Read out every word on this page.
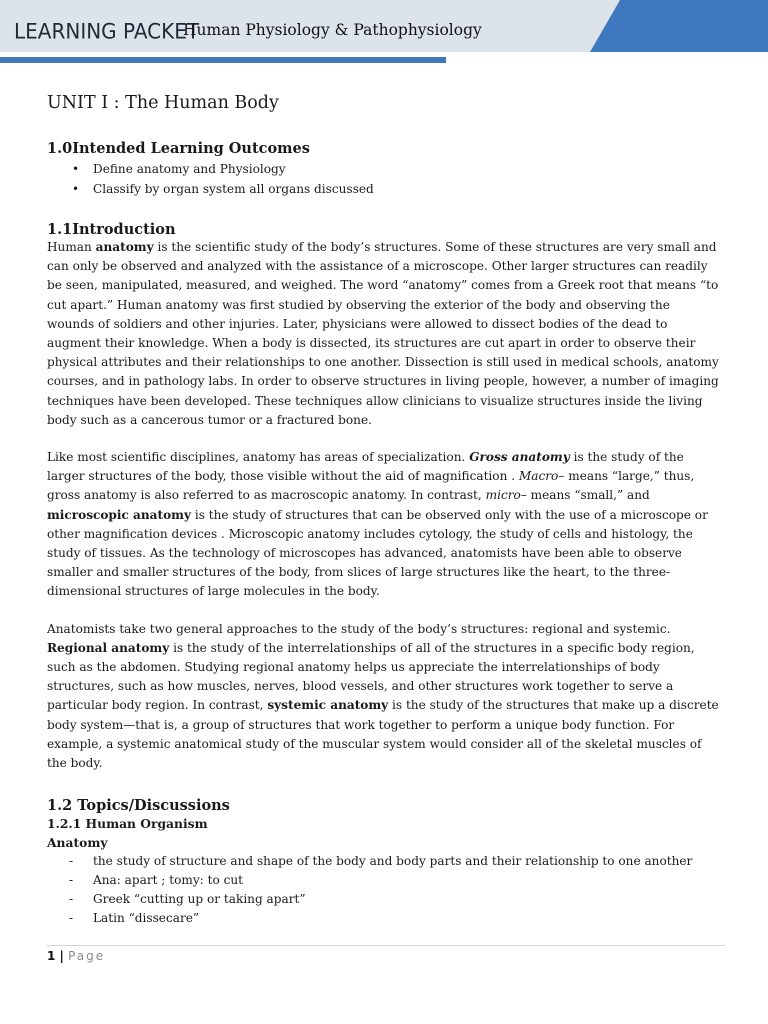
LEARNING PACKET
Human Physiology & Pathophysiology
UNIT I : The Human Body
1.0Intended Learning Outcomes
• Define anatomy and Physiology
• Classify by organ system all organs discussed
1.1Introduction

Human anatomy is the scientific study of the body’s structures. Some of these structures are very small and can only be observed and analyzed with the assistance of a microscope. Other larger structures can readily be seen, manipulated, measured, and weighed. The word “anatomy” comes from a Greek root that means “to cut apart.” Human anatomy was first studied by observing the exterior of the body and observing the wounds of soldiers and other injuries. Later, physicians were allowed to dissect bodies of the dead to augment their knowledge. When a body is dissected, its structures are cut apart in order to observe their physical attributes and their relationships to one another. Dissection is still used in medical schools, anatomy courses, and in pathology labs. In order to observe structures in living people, however, a number of imaging techniques have been developed. These techniques allow clinicians to visualize structures inside the living body such as a cancerous tumor or a fractured bone.

Like most scientific disciplines, anatomy has areas of specialization. Gross anatomy is the study of the larger structures of the body, those visible without the aid of magnification . Macro– means “large,” thus, gross anatomy is also referred to as macroscopic anatomy. In contrast, micro– means “small,” and microscopic anatomy is the study of structures that can be observed only with the use of a microscope or other magnification devices . Microscopic anatomy includes cytology, the study of cells and histology, the study of tissues. As the technology of microscopes has advanced, anatomists have been able to observe smaller and smaller structures of the body, from slices of large structures like the heart, to the three-dimensional structures of large molecules in the body.

Anatomists take two general approaches to the study of the body’s structures: regional and systemic. Regional anatomy is the study of the interrelationships of all of the structures in a specific body region, such as the abdomen. Studying regional anatomy helps us appreciate the interrelationships of body structures, such as how muscles, nerves, blood vessels, and other structures work together to serve a particular body region. In contrast, systemic anatomy is the study of the structures that make up a discrete body system—that is, a group of structures that work together to perform a unique body function. For example, a systemic anatomical study of the muscular system would consider all of the skeletal muscles of the body.

1.2 Topics/Discussions
1.2.1 Human Organism
Anatomy
- the study of structure and shape of the body and body parts and their relationship to one another
- Ana: apart ; tomy: to cut
- Greek “cutting up or taking apart”
- Latin “dissecare”
1 | Page
